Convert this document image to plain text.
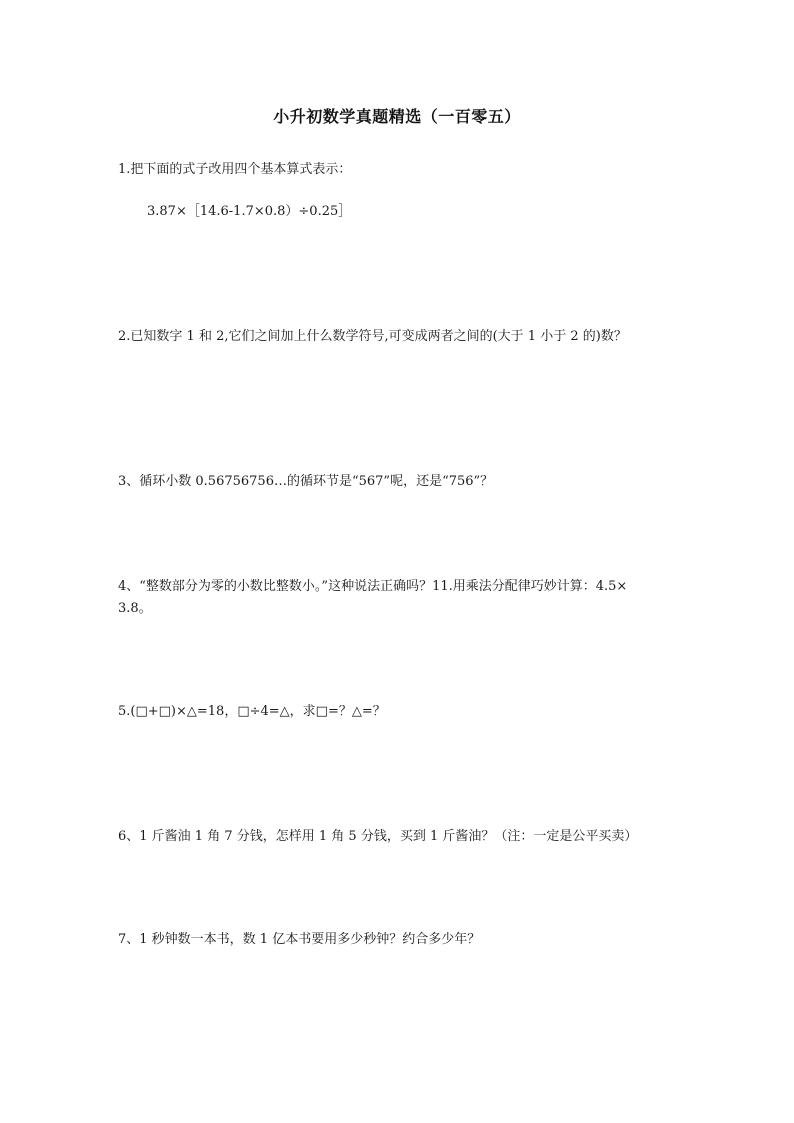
小升初数学真题精选（一百零五）
1.把下面的式子改用四个基本算式表示：
3.87×［14.6-1.7×0.8）÷0.25］
2.已知数字 1 和 2,它们之间加上什么数学符号,可变成两者之间的(大于 1 小于 2 的)数？
3、循环小数 0.56756756…的循环节是“567”呢，还是“756”？
4、“整数部分为零的小数比整数小。”这种说法正确吗？11.用乘法分配律巧妙计算：4.5×
3.8。
5.(□+□)×△=18，□÷4=△，求□=？△=？
6、1 斤酱油 1 角 7 分钱，怎样用 1 角 5 分钱，买到 1 斤酱油？（注：一定是公平买卖）
7、1 秒钟数一本书，数 1 亿本书要用多少秒钟？约合多少年？
